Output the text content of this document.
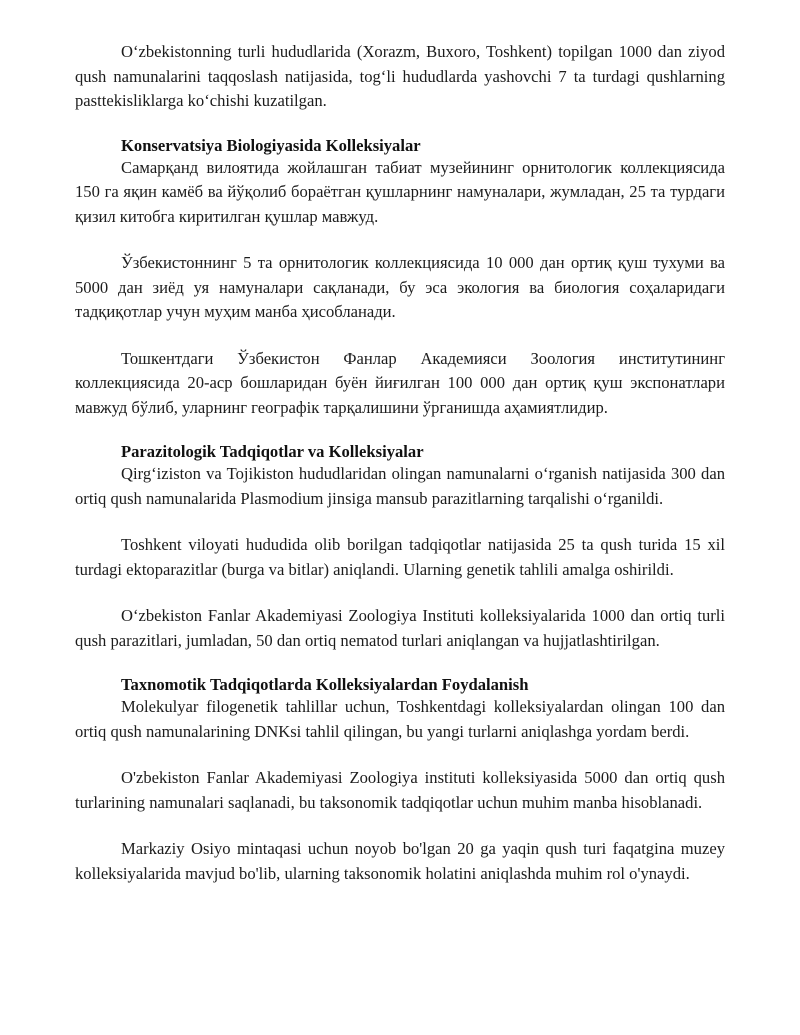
O‘zbekistonning turli hududlarida (Xorazm, Buxoro, Toshkent) topilgan 1000 dan ziyod qush namunalarini taqqoslash natijasida, tog‘li hududlarda yashovchi 7 ta turdagi qushlarning pasttekisliklarga ko‘chishi kuzatilgan.

Konservatsiya Biologiyasida Kolleksiyalar

Самарқанд вилоятида жойлашган табиат музейининг орнитологик коллекциясида 150 га яқин камёб ва йўқолиб бораётган қушларнинг намуналари, жумладан, 25 та турдаги қизил китобга киритилган қушлар мавжуд.

Ўзбекистоннинг 5 та орнитологик коллекциясида 10 000 дан ортиқ қуш тухуми ва 5000 дан зиёд уя намуналари сақланади, бу эса экология ва биология соҳаларидаги тадқиқотлар учун муҳим манба ҳисобланади.

Тошкентдаги Ўзбекистон Фанлар Академияси Зоология институтининг коллекциясида 20-аср бошларидан буён йиғилган 100 000 дан ортиқ қуш экспонатлари мавжуд бўлиб, уларнинг географік тарқалишини ўрганишда аҳамиятлидир.

Parazitologik Tadqiqotlar va Kolleksiyalar

Qirg‘iziston va Tojikiston hududlaridan olingan namunalarni o‘rganish natijasida 300 dan ortiq qush namunalarida Plasmodium jinsiga mansub parazitlarning tarqalishi o‘rganildi.

Toshkent viloyati hududida olib borilgan tadqiqotlar natijasida 25 ta qush turida 15 xil turdagi ektoparazitlar (burga va bitlar) aniqlandi. Ularning genetik tahlili amalga oshirildi.

O‘zbekiston Fanlar Akademiyasi Zoologiya Instituti kolleksiyalarida 1000 dan ortiq turli qush parazitlari, jumladan, 50 dan ortiq nematod turlari aniqlangan va hujjatlashtirilgan.

Taxnomotik Tadqiqotlarda Kolleksiyalardan Foydalanish

Molekulyar filogenetik tahlillar uchun, Toshkentdagi kolleksiyalardan olingan 100 dan ortiq qush namunalarining DNKsi tahlil qilingan, bu yangi turlarni aniqlashga yordam berdi.

O'zbekiston Fanlar Akademiyasi Zoologiya instituti kolleksiyasida 5000 dan ortiq qush turlarining namunalari saqlanadi, bu taksonomik tadqiqotlar uchun muhim manba hisoblanadi.

Markaziy Osiyo mintaqasi uchun noyob bo'lgan 20 ga yaqin qush turi faqatgina muzey kolleksiyalarida mavjud bo'lib, ularning taksonomik holatini aniqlashda muhim rol o'ynaydi.
